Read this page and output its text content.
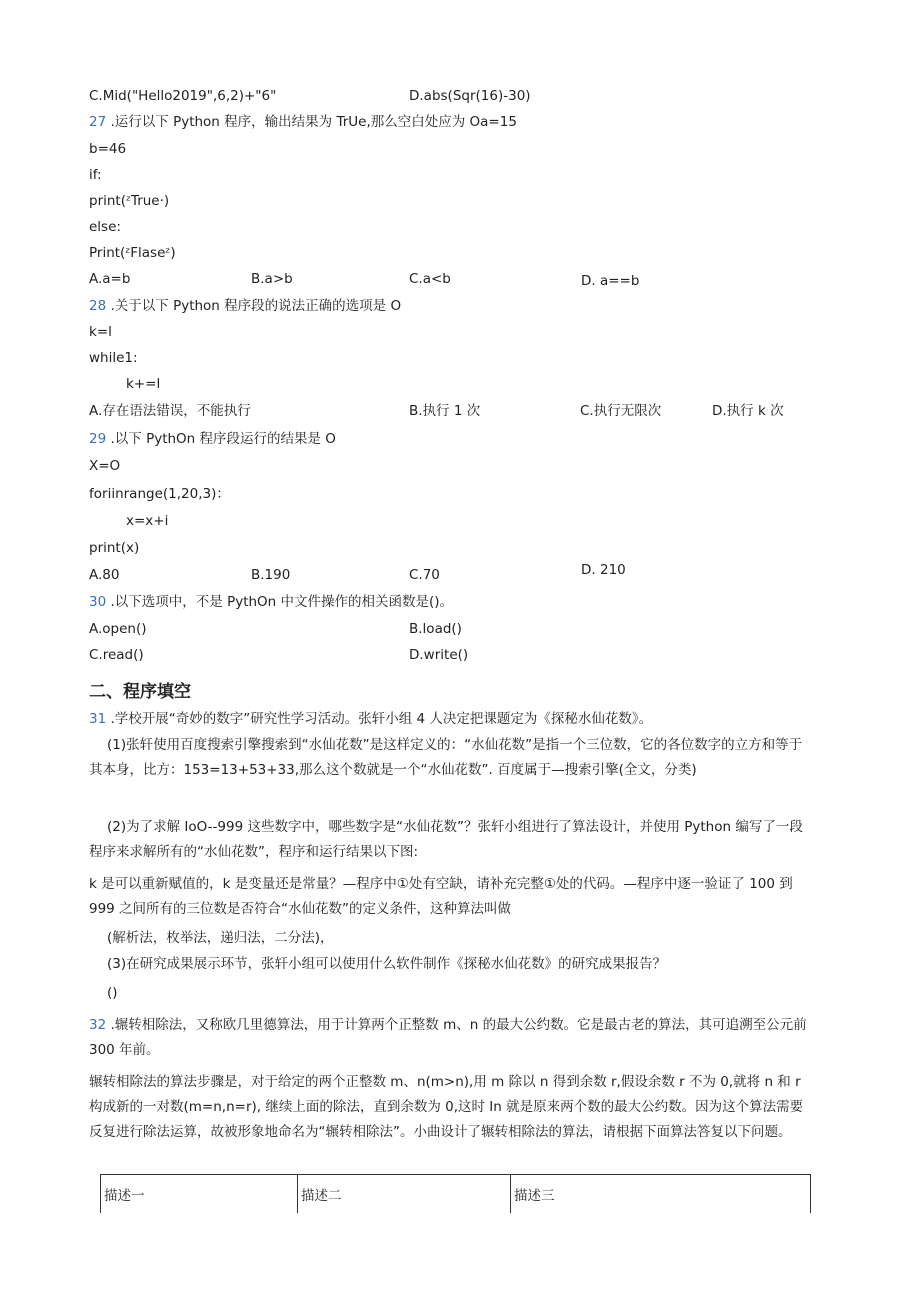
C.Mid("Hello2019",6,2)+"6"	D.abs(Sqr(16)-30)
27 .运行以下 Python 程序，输出结果为 TrUe,那么空白处应为 Oa=15
b=46
if:
print(ᶻTrue·)
else:
Print(ᶻFlaseᶻ)
A.a=b	B.a>b	C.a<b	D. a==b
28 .关于以下 Python 程序段的说法正确的选项是 O
k=l
while1:
k+=l
A.存在语法错误，不能执行	B.执行 1 次	C.执行无限次	D.执行 k 次
29 .以下 PythOn 程序段运行的结果是 O
X=O
foriinrange(1,20,3)：
x=x+i
print(x)
A.80	B.190	C.70	D. 210
30 .以下选项中，不是 PythOn 中文件操作的相关函数是()。
A.open()	B.load()
C.read()	D.write()
二、程序填空
31 .学校开展“奇妙的数字”研究性学习活动。张轩小组 4 人决定把课题定为《探秘水仙花数》。
(1)张轩使用百度搜索引擎搜索到“水仙花数”是这样定义的：“水仙花数”是指一个三位数，它的各位数字的立方和等于其本身，比方：153=13+53+33,那么这个数就是一个“水仙花数”. 百度属于—搜索引擎(全文，分类)
(2)为了求解 IoO--999 这些数字中，哪些数字是“水仙花数”？张轩小组进行了算法设计，并使用 Python 编写了一段程序来求解所有的“水仙花数”，程序和运行结果以下图:
k 是可以重新赋值的，k 是变量还是常量？—程序中①处有空缺，请补充完整①处的代码。—程序中逐一验证了 100 到 999 之间所有的三位数是否符合“水仙花数”的定义条件，这种算法叫做
(解析法，枚举法，递归法，二分法)，
(3)在研究成果展示环节，张轩小组可以使用什么软件制作《探秘水仙花数》的研究成果报告？
()
32 .辗转相除法，又称欧几里德算法，用于计算两个正整数 m、n 的最大公约数。它是最古老的算法，其可追溯至公元前 300 年前。
辗转相除法的算法步骤是，对于给定的两个正整数 m、n(m>n),用 m 除以 n 得到余数 r,假设余数 r 不为 0,就将 n 和 r 构成新的一对数(m=n,n=r), 继续上面的除法，直到余数为 0,这时 In 就是原来两个数的最大公约数。因为这个算法需要反复进行除法运算，故被形象地命名为“辗转相除法”。小曲设计了辗转相除法的算法，请根据下面算法答复以下问题。
描述一	描述二	描述三
